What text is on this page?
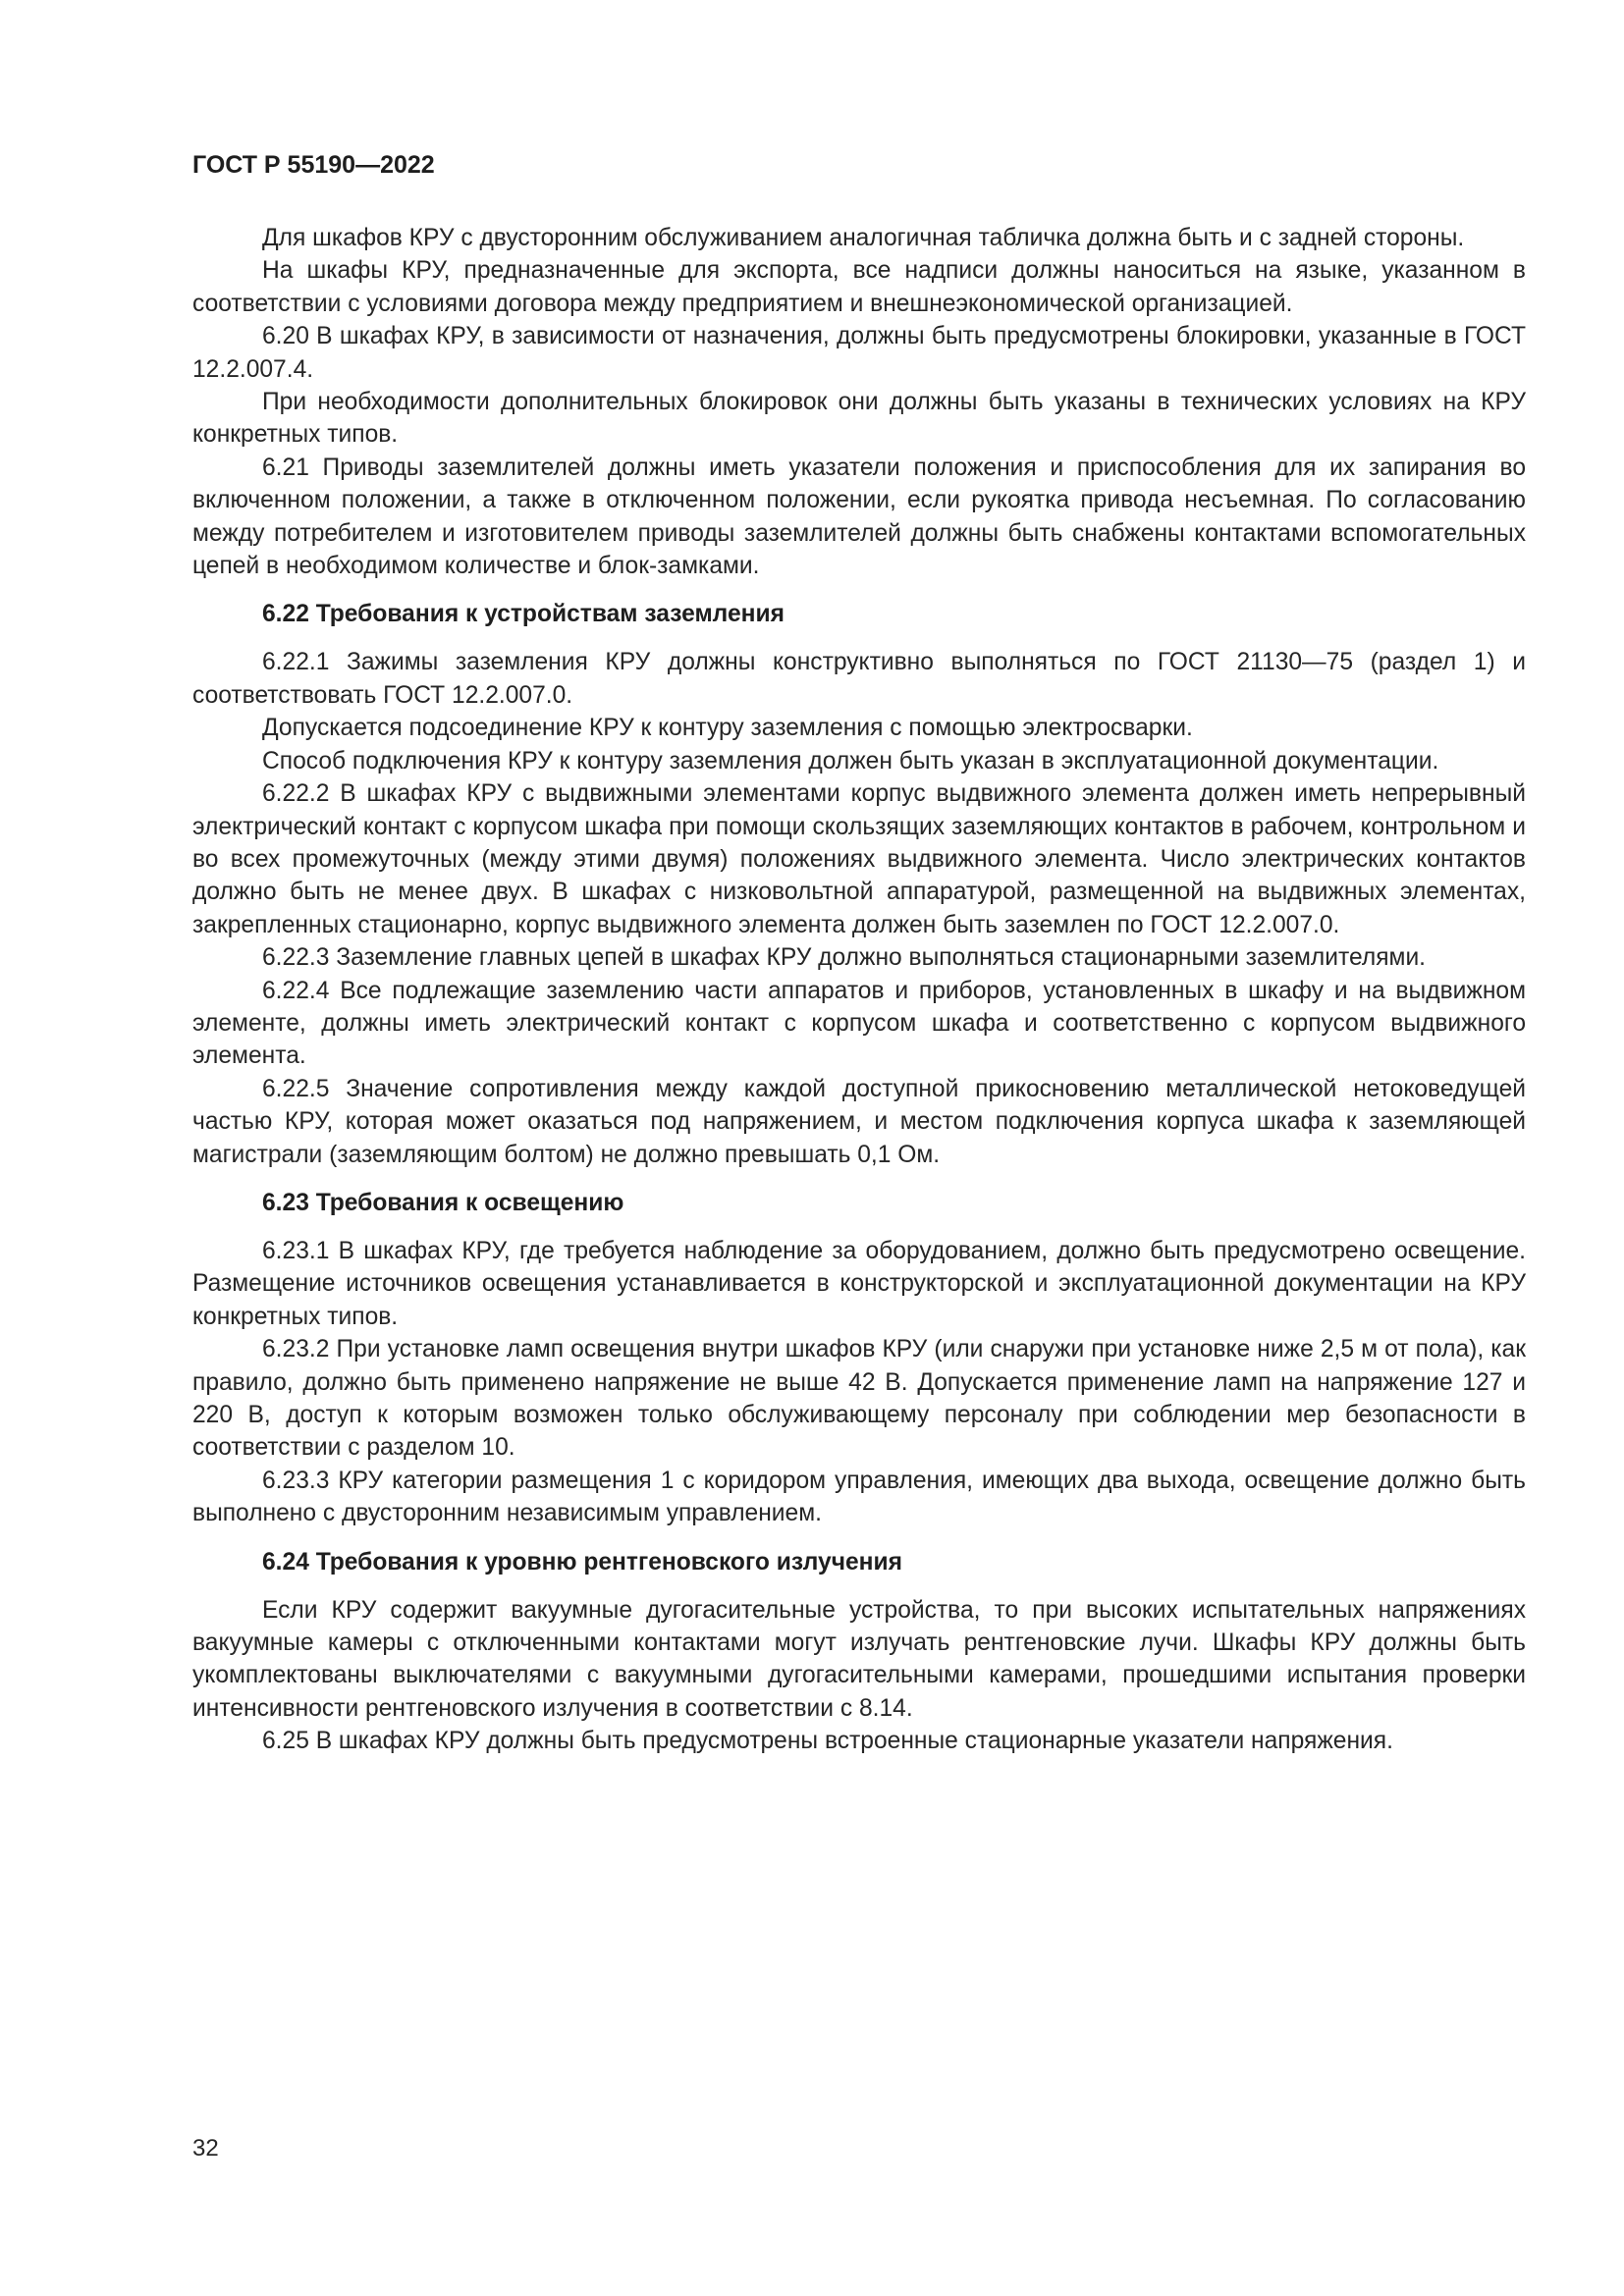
ГОСТ Р 55190—2022

Для шкафов КРУ с двусторонним обслуживанием аналогичная табличка должна быть и с задней стороны.

На шкафы КРУ, предназначенные для экспорта, все надписи должны наноситься на языке, указанном в соответствии с условиями договора между предприятием и внешнеэкономической организацией.

6.20 В шкафах КРУ, в зависимости от назначения, должны быть предусмотрены блокировки, указанные в ГОСТ 12.2.007.4.

При необходимости дополнительных блокировок они должны быть указаны в технических условиях на КРУ конкретных типов.

6.21 Приводы заземлителей должны иметь указатели положения и приспособления для их запирания во включенном положении, а также в отключенном положении, если рукоятка привода несъемная. По согласованию между потребителем и изготовителем приводы заземлителей должны быть снабжены контактами вспомогательных цепей в необходимом количестве и блок-замками.

6.22 Требования к устройствам заземления

6.22.1 Зажимы заземления КРУ должны конструктивно выполняться по ГОСТ 21130—75 (раздел 1) и соответствовать ГОСТ 12.2.007.0.

Допускается подсоединение КРУ к контуру заземления с помощью электросварки.

Способ подключения КРУ к контуру заземления должен быть указан в эксплуатационной документации.

6.22.2 В шкафах КРУ с выдвижными элементами корпус выдвижного элемента должен иметь непрерывный электрический контакт с корпусом шкафа при помощи скользящих заземляющих контактов в рабочем, контрольном и во всех промежуточных (между этими двумя) положениях выдвижного элемента. Число электрических контактов должно быть не менее двух. В шкафах с низковольтной аппаратурой, размещенной на выдвижных элементах, закрепленных стационарно, корпус выдвижного элемента должен быть заземлен по ГОСТ 12.2.007.0.

6.22.3 Заземление главных цепей в шкафах КРУ должно выполняться стационарными заземлителями.

6.22.4 Все подлежащие заземлению части аппаратов и приборов, установленных в шкафу и на выдвижном элементе, должны иметь электрический контакт с корпусом шкафа и соответственно с корпусом выдвижного элемента.

6.22.5 Значение сопротивления между каждой доступной прикосновению металлической нетоковедущей частью КРУ, которая может оказаться под напряжением, и местом подключения корпуса шкафа к заземляющей магистрали (заземляющим болтом) не должно превышать 0,1 Ом.

6.23 Требования к освещению

6.23.1 В шкафах КРУ, где требуется наблюдение за оборудованием, должно быть предусмотрено освещение. Размещение источников освещения устанавливается в конструкторской и эксплуатационной документации на КРУ конкретных типов.

6.23.2 При установке ламп освещения внутри шкафов КРУ (или снаружи при установке ниже 2,5 м от пола), как правило, должно быть применено напряжение не выше 42 В. Допускается применение ламп на напряжение 127 и 220 В, доступ к которым возможен только обслуживающему персоналу при соблюдении мер безопасности в соответствии с разделом 10.

6.23.3 КРУ категории размещения 1 с коридором управления, имеющих два выхода, освещение должно быть выполнено с двусторонним независимым управлением.

6.24 Требования к уровню рентгеновского излучения

Если КРУ содержит вакуумные дугогасительные устройства, то при высоких испытательных напряжениях вакуумные камеры с отключенными контактами могут излучать рентгеновские лучи. Шкафы КРУ должны быть укомплектованы выключателями с вакуумными дугогасительными камерами, прошедшими испытания проверки интенсивности рентгеновского излучения в соответствии с 8.14.

6.25 В шкафах КРУ должны быть предусмотрены встроенные стационарные указатели напряжения.

32
